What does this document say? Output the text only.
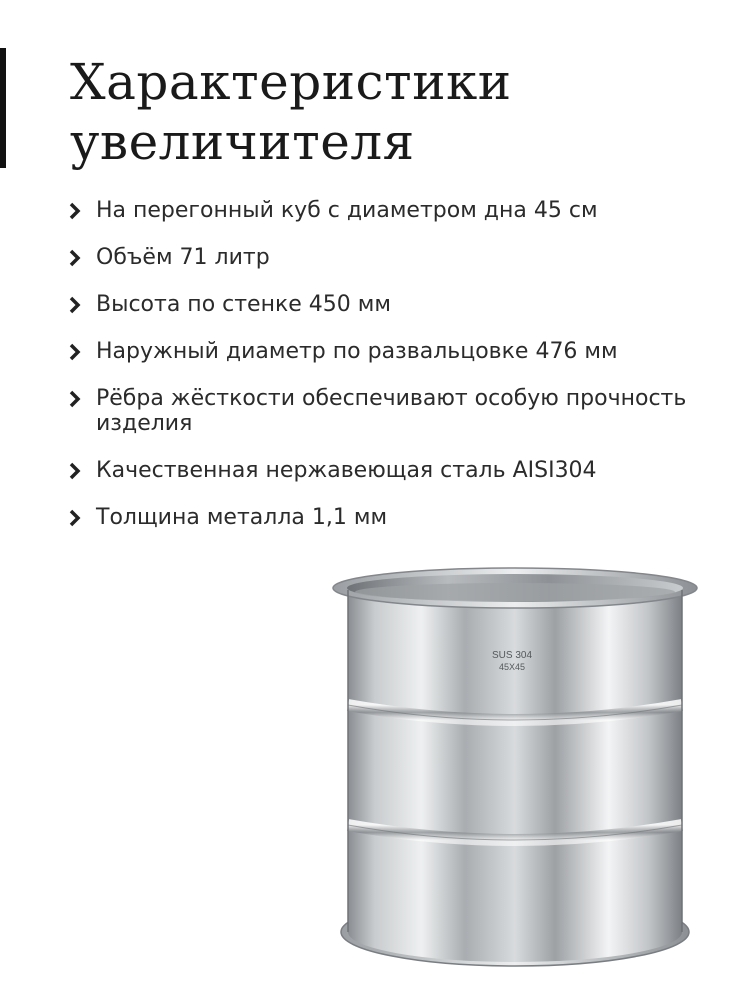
Характеристики
увеличителя
На перегонный куб с диаметром дна 45 см
Объём 71 литр
Высота по стенке 450 мм
Наружный диаметр по развальцовке 476 мм
Рёбра жёсткости обеспечивают особую прочность изделия
Качественная нержавеющая сталь AISI304
Толщина металла 1,1 мм
SUS 304
45X45
